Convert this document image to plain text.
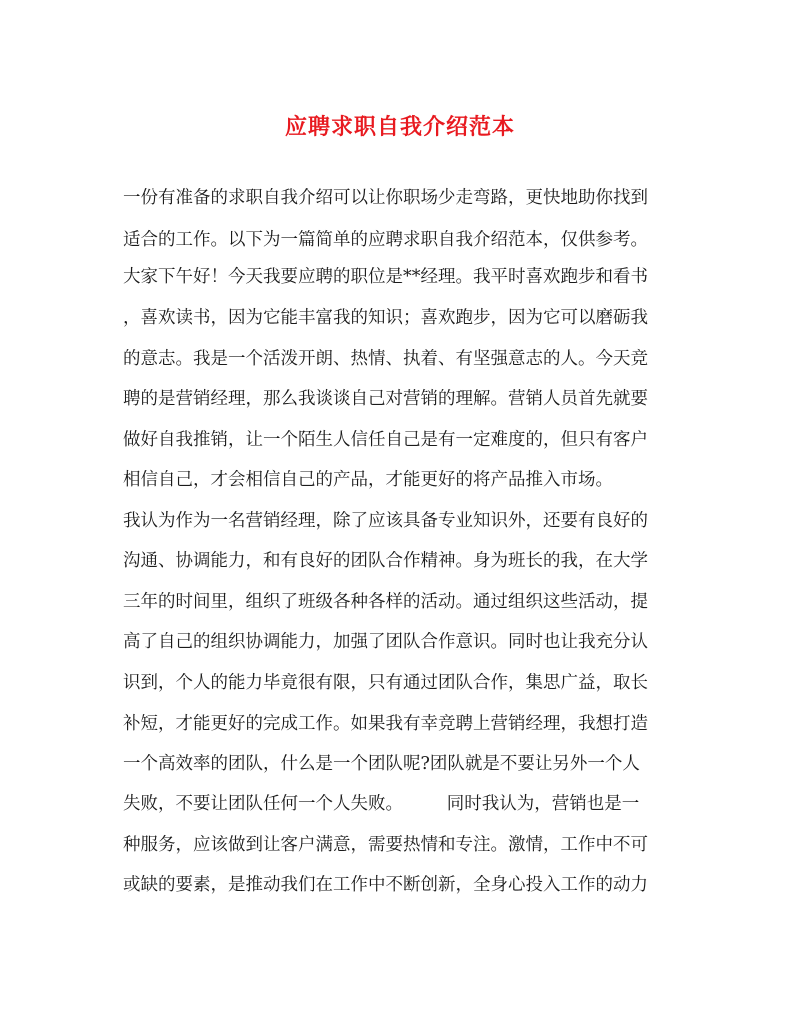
应聘求职自我介绍范本
一份有准备的求职自我介绍可以让你职场少走弯路，更快地助你找到
适合的工作。以下为一篇简单的应聘求职自我介绍范本，仅供参考。
大家下午好！今天我要应聘的职位是**经理。我平时喜欢跑步和看书
，喜欢读书，因为它能丰富我的知识；喜欢跑步，因为它可以磨砺我
的意志。我是一个活泼开朗、热情、执着、有坚强意志的人。今天竞
聘的是营销经理，那么我谈谈自己对营销的理解。营销人员首先就要
做好自我推销，让一个陌生人信任自己是有一定难度的，但只有客户
相信自己，才会相信自己的产品，才能更好的将产品推入市场。
我认为作为一名营销经理，除了应该具备专业知识外，还要有良好的
沟通、协调能力，和有良好的团队合作精神。身为班长的我，在大学
三年的时间里，组织了班级各种各样的活动。通过组织这些活动，提
高了自己的组织协调能力，加强了团队合作意识。同时也让我充分认
识到，个人的能力毕竟很有限，只有通过团队合作，集思广益，取长
补短，才能更好的完成工作。如果我有幸竞聘上营销经理，我想打造
一个高效率的团队，什么是一个团队呢?团队就是不要让另外一个人
失败，不要让团队任何一个人失败。　　　同时我认为，营销也是一
种服务，应该做到让客户满意，需要热情和专注。激情，工作中不可
或缺的要素，是推动我们在工作中不断创新，全身心投入工作的动力
